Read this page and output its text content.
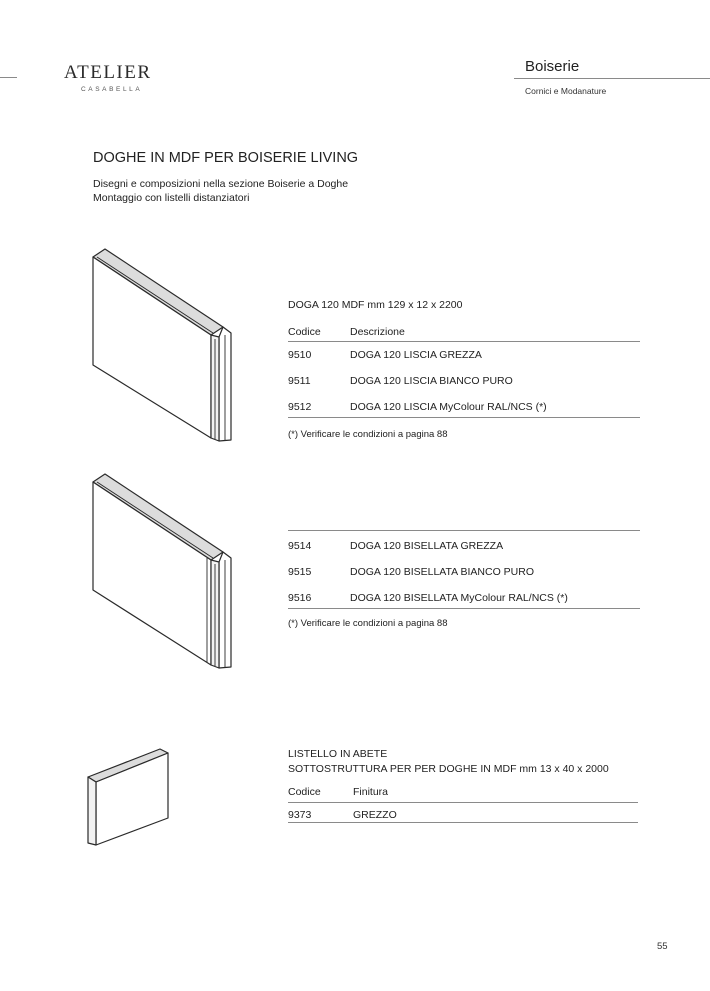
ATELIER
CASABELLA
Boiserie
Cornici e Modanature
DOGHE IN MDF PER BOISERIE LIVING
Disegni e composizioni nella sezione Boiserie a Doghe
Montaggio con listelli distanziatori
DOGA 120 MDF mm 129 x 12 x 2200
Codice	Descrizione
9510	DOGA 120 LISCIA GREZZA
9511	DOGA 120 LISCIA BIANCO PURO
9512	DOGA 120 LISCIA MyColour RAL/NCS (*)
(*) Verificare le condizioni a pagina 88
9514	DOGA 120 BISELLATA GREZZA
9515	DOGA 120 BISELLATA BIANCO PURO
9516	DOGA 120 BISELLATA MyColour RAL/NCS (*)
(*) Verificare le condizioni a pagina 88
LISTELLO IN ABETE
SOTTOSTRUTTURA PER PER DOGHE IN MDF mm 13 x 40 x 2000
Codice	Finitura
9373	GREZZO
55
